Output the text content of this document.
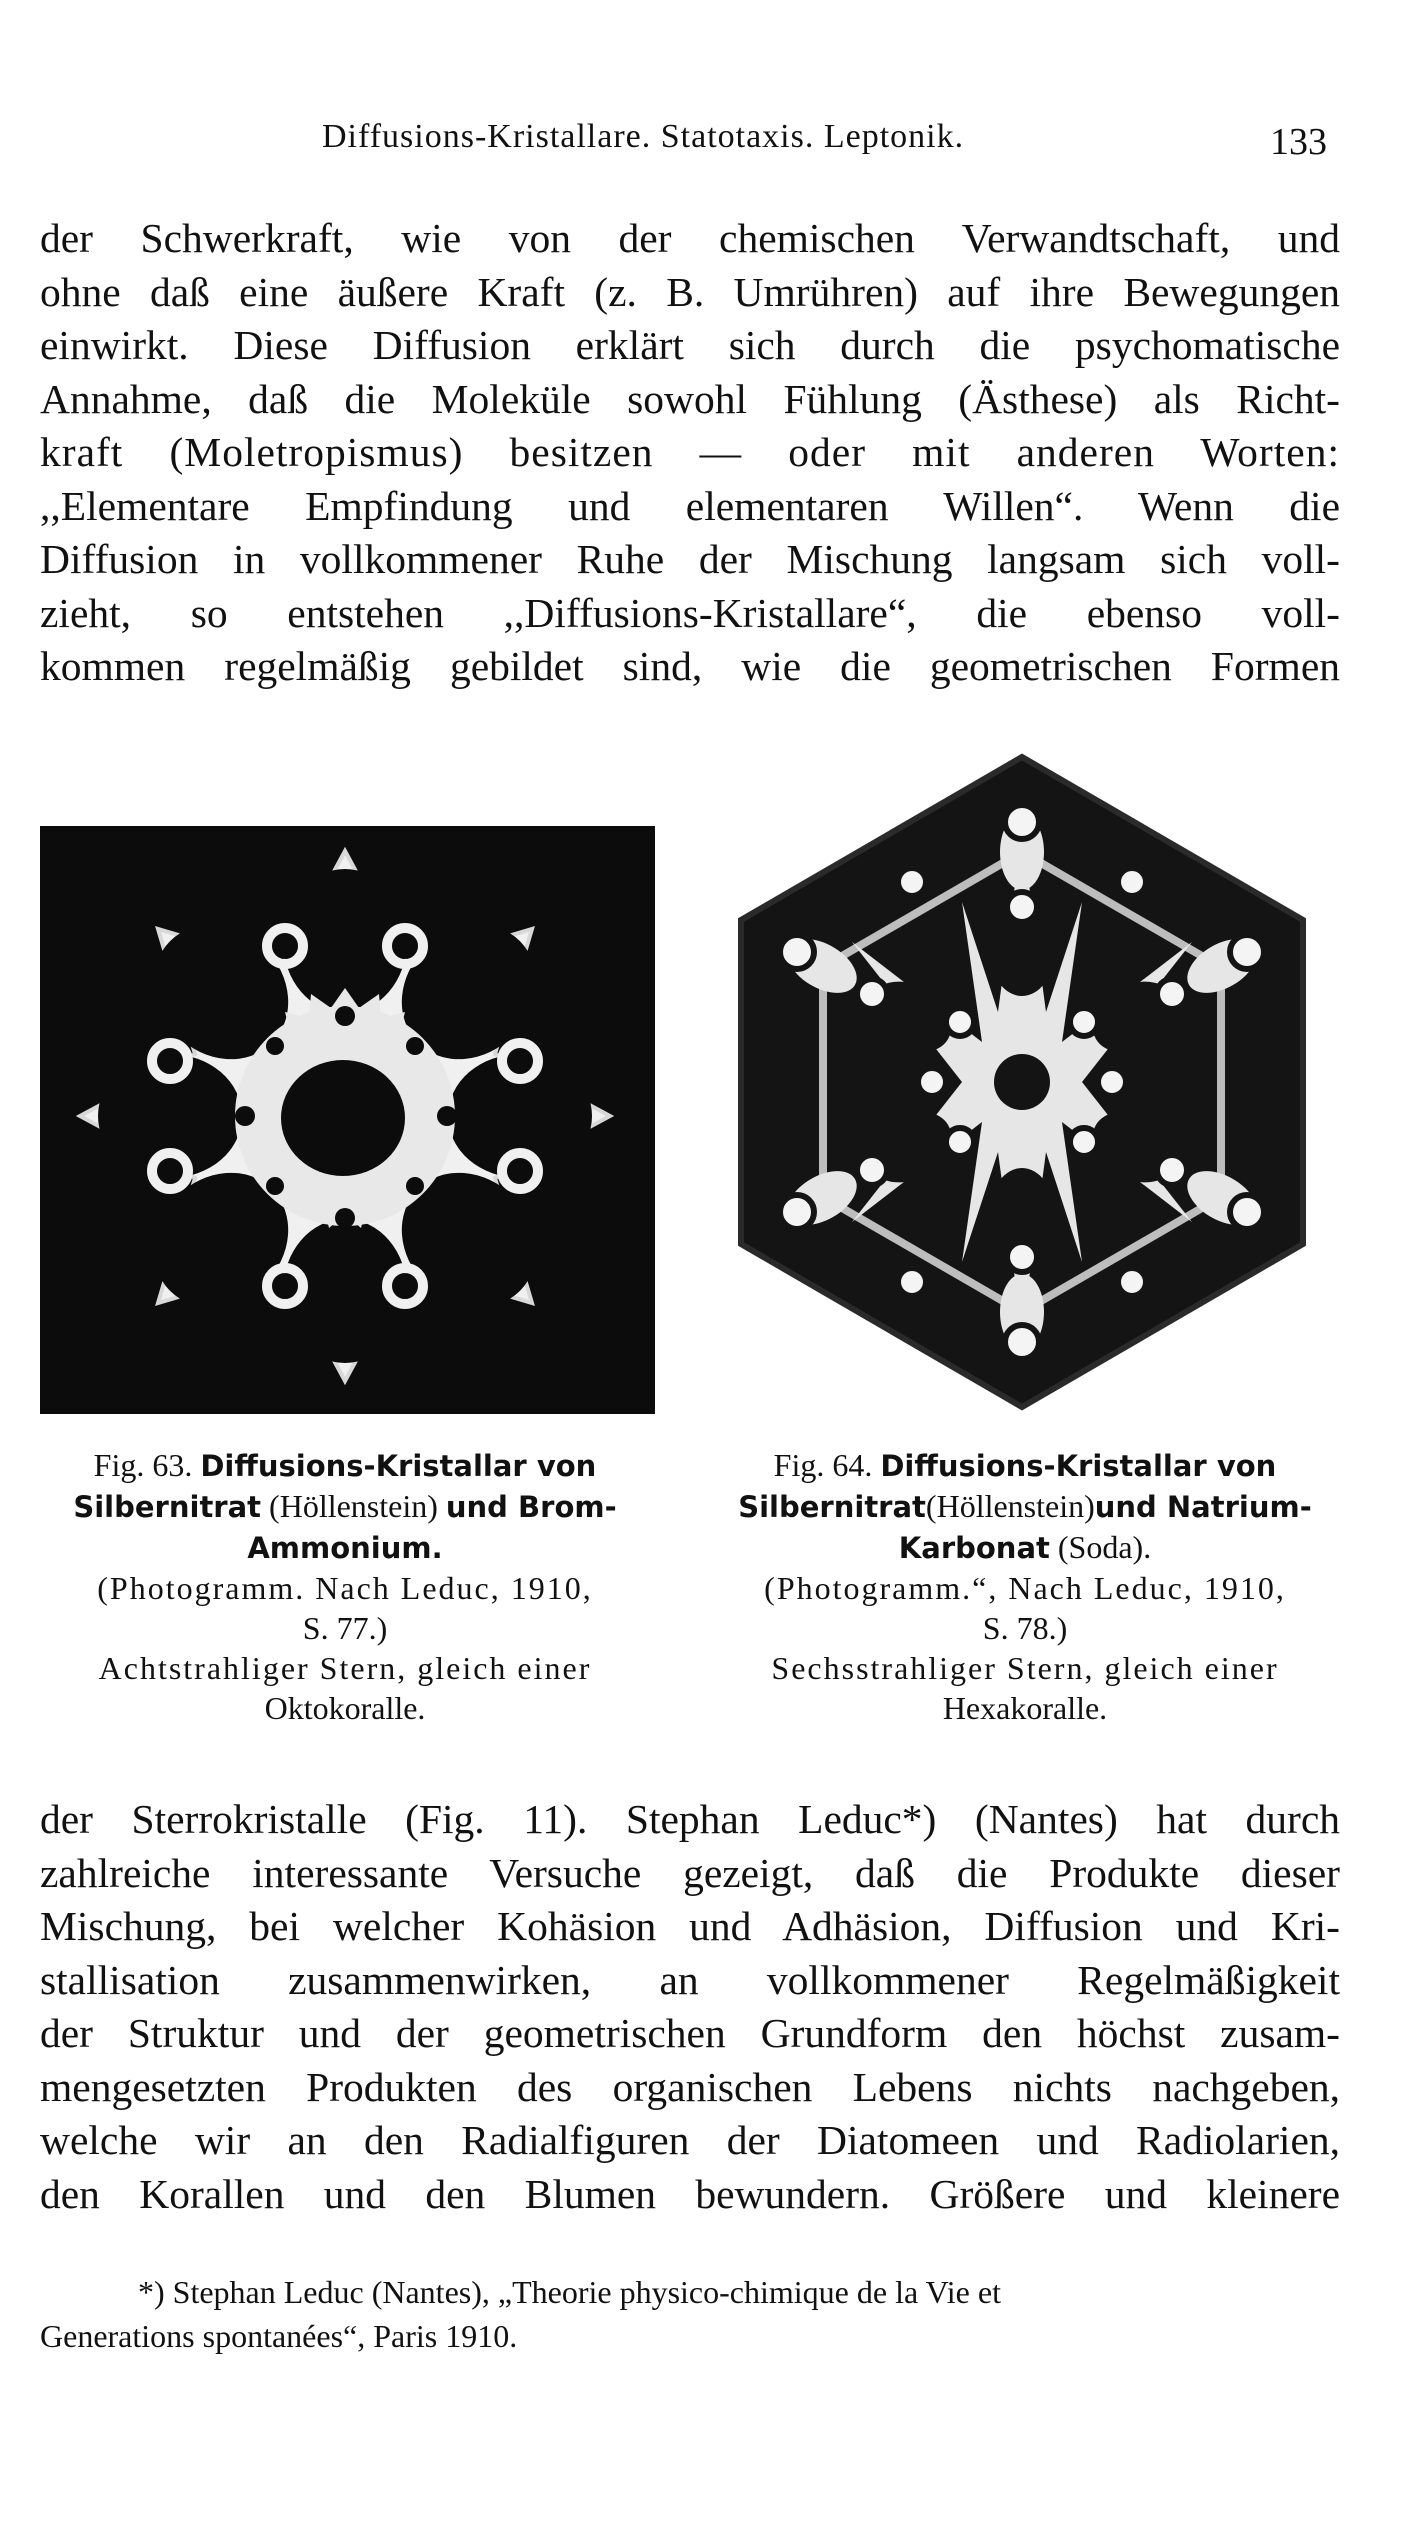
Diffusions-Kristallare. Statotaxis. Leptonik.	133

der Schwerkraft, wie von der chemischen Verwandtschaft, und
ohne daß eine äußere Kraft (z. B. Umrühren) auf ihre Bewegungen
einwirkt. Diese Diffusion erklärt sich durch die psychomatische
Annahme, daß die Moleküle sowohl Fühlung (Ästhese) als Richt-
kraft (Moletropismus) besitzen — oder mit anderen Worten:
,,Elementare Empfindung und elementaren Willen“. Wenn die
Diffusion in vollkommener Ruhe der Mischung langsam sich voll-
zieht, so entstehen ,,Diffusions-Kristallare“, die ebenso voll-
kommen regelmäßig gebildet sind, wie die geometrischen Formen

Fig. 63. Diffusions-Kristallar von
Silbernitrat (Höllenstein) und Brom-
Ammonium.
(Photogramm. Nach Leduc, 1910,
S. 77.)
Achtstrahliger Stern, gleich einer
Oktokoralle.
Fig. 64. Diffusions-Kristallar von
Silbernitrat(Höllenstein)und Natrium-
Karbonat (Soda).
(Photogramm.“, Nach Leduc, 1910,
S. 78.)
Sechsstrahliger Stern, gleich einer
Hexakoralle.

der Sterrokristalle (Fig. 11). Stephan Leduc*) (Nantes) hat durch
zahlreiche interessante Versuche gezeigt, daß die Produkte dieser
Mischung, bei welcher Kohäsion und Adhäsion, Diffusion und Kri-
stallisation zusammenwirken, an vollkommener Regelmäßigkeit
der Struktur und der geometrischen Grundform den höchst zusam-
mengesetzten Produkten des organischen Lebens nichts nachgeben,
welche wir an den Radialfiguren der Diatomeen und Radiolarien,
den Korallen und den Blumen bewundern. Größere und kleinere

*) Stephan Leduc (Nantes), „Theorie physico-chimique de la Vie et
Generations spontanées“, Paris 1910.
